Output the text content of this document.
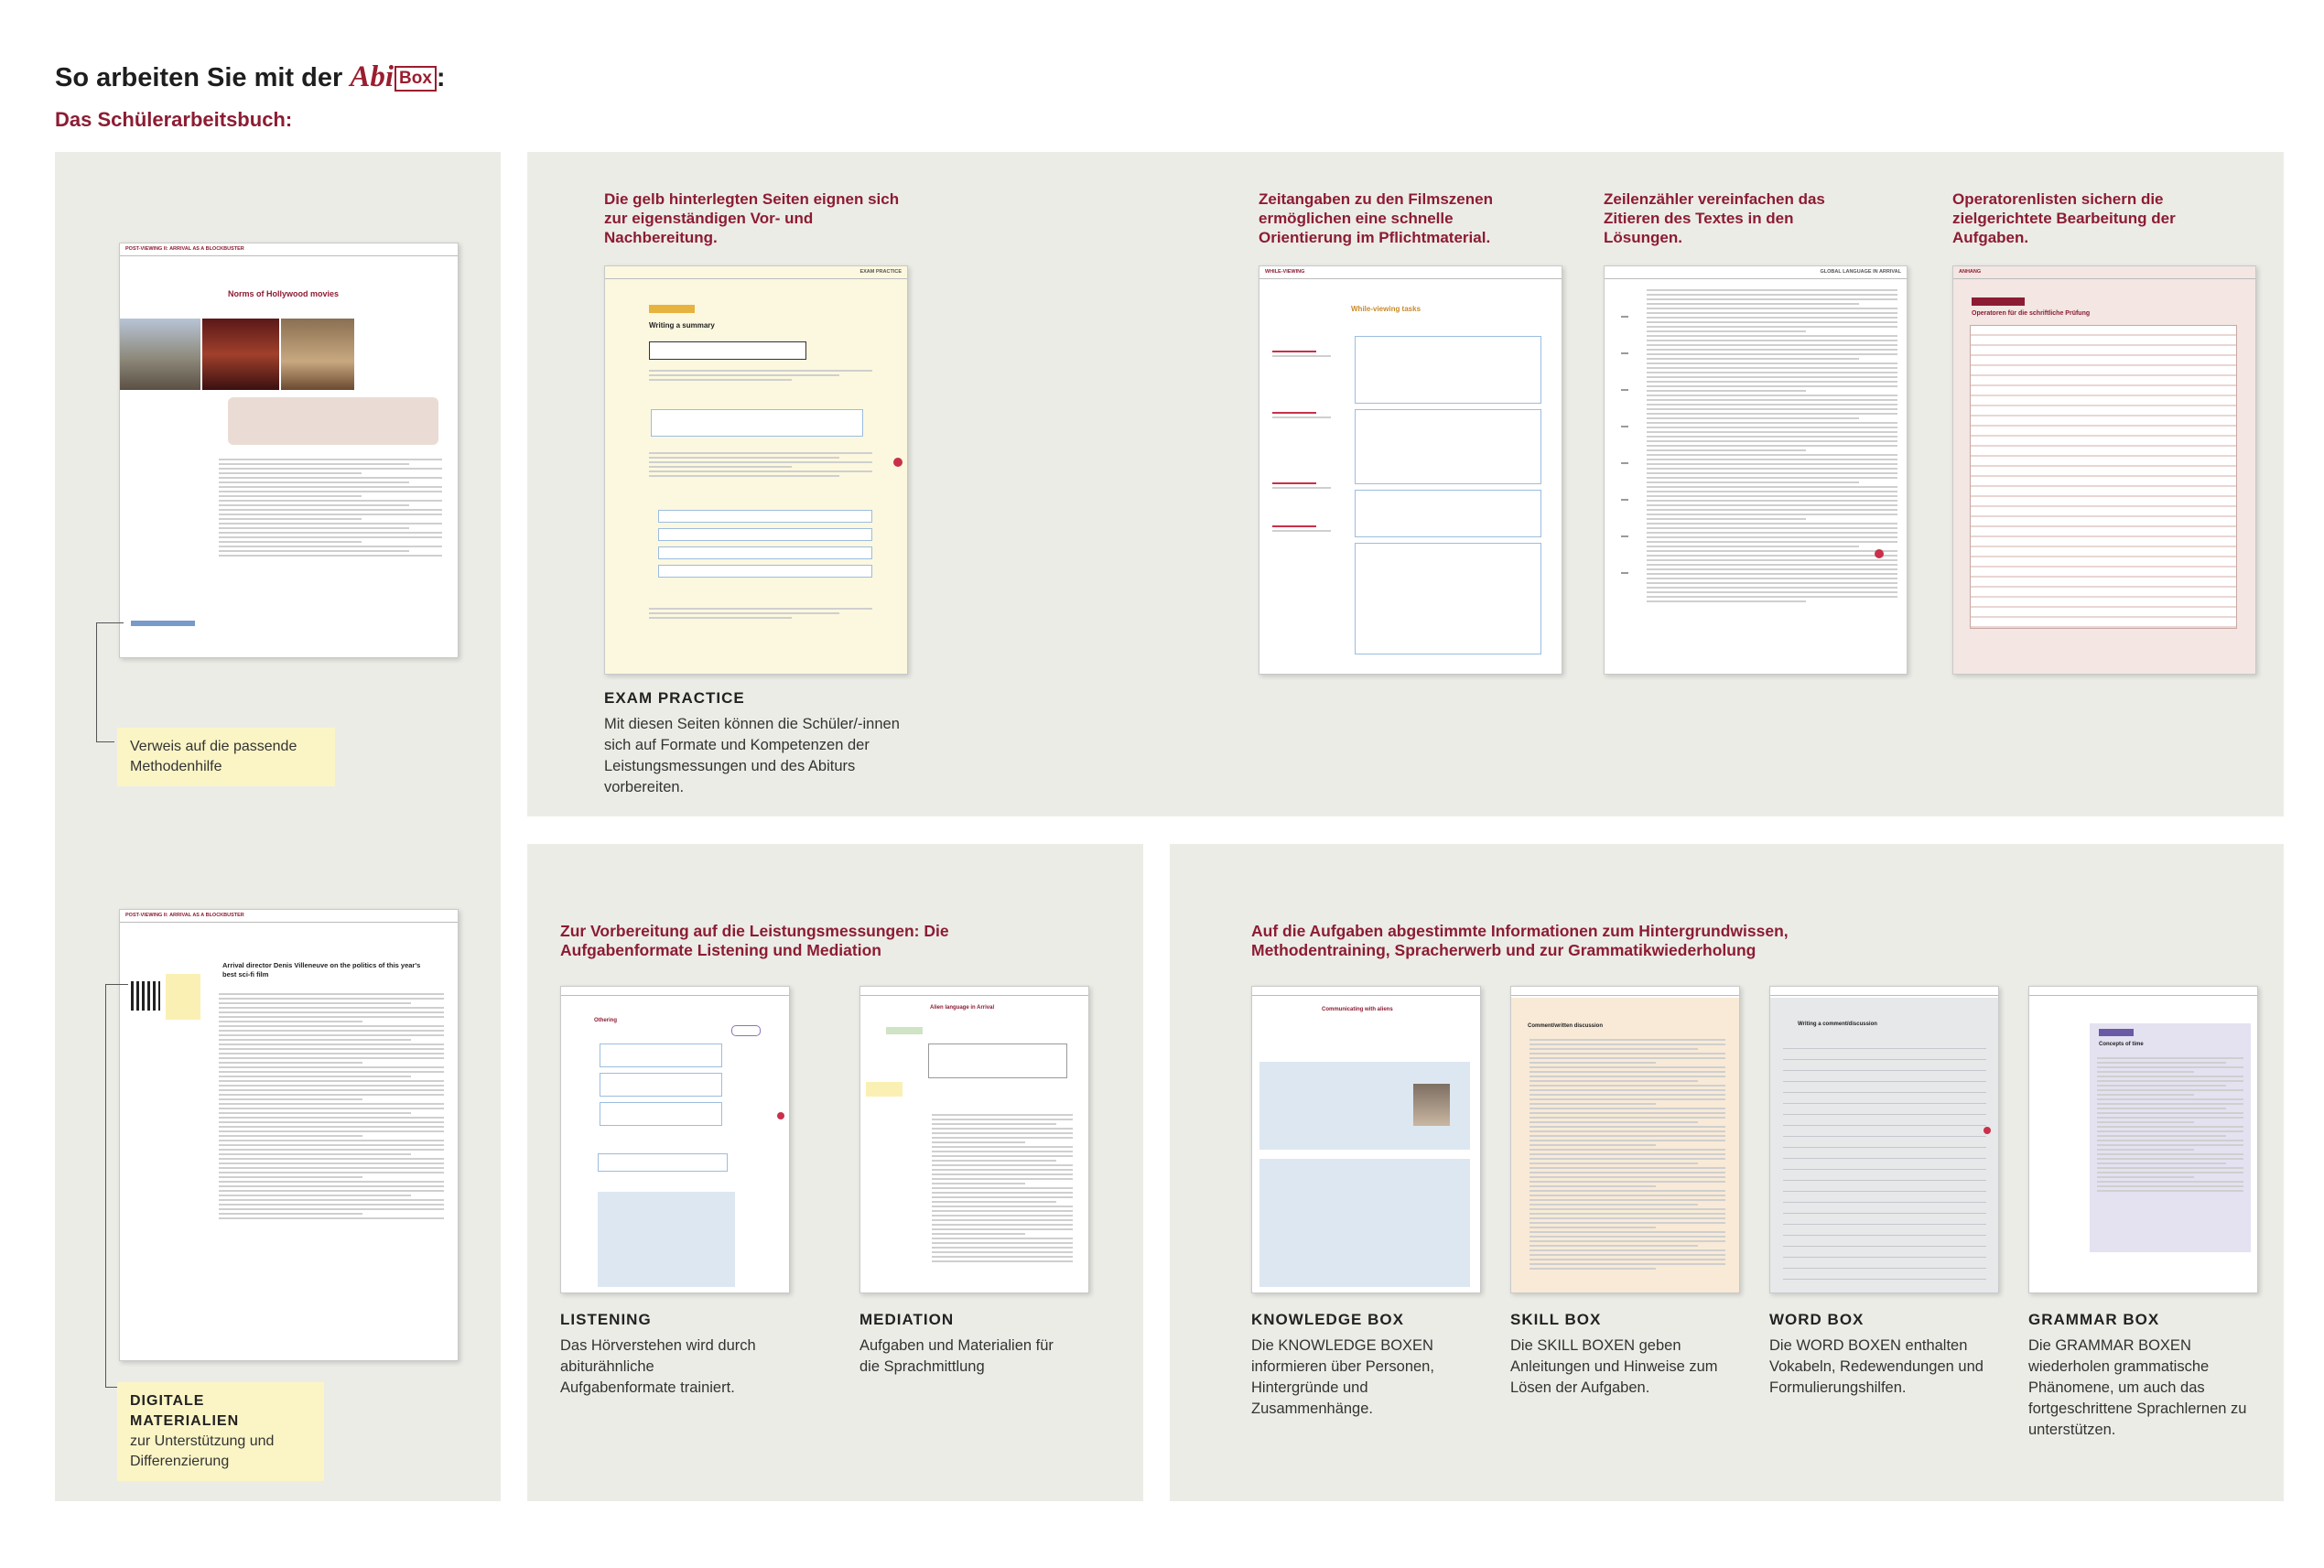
So arbeiten Sie mit der Abi Box :
Das Schülerarbeitsbuch:
POST-VIEWING II: ARRIVAL AS A BLOCKBUSTER
Norms of Hollywood movies
Verweis auf die passende Methodenhilfe
POST-VIEWING II: ARRIVAL AS A BLOCKBUSTER
Arrival director Denis Villeneuve on the politics of this year's best sci-fi film
DIGITALE MATERIALIEN
zur Unterstützung und Differenzierung
Die gelb hinterlegten Seiten eignen sich zur eigenständigen Vor- und Nachbereitung.
EXAM PRACTICE
Writing a summary
EXAM PRACTICE
Mit diesen Seiten können die Schüler/-innen sich auf Formate und Kompetenzen der Leistungsmessungen und des Abiturs vorbereiten.
Zeitangaben zu den Filmszenen ermöglichen eine schnelle Orientierung im Pflichtmaterial.
WHILE-VIEWING
While-viewing tasks
Zeilenzähler vereinfachen das Zitieren des Textes in den Lösungen.
GLOBAL LANGUAGE IN ARRIVAL
Operatorenlisten sichern die zielgerichtete Bearbeitung der Aufgaben.
ANHANG
Operatoren für die schriftliche Prüfung
Zur Vorbereitung auf die Leistungsmessungen: Die Aufgabenformate Listening und Mediation
Othering
LISTENING
Das Hörverstehen wird durch abiturähnliche Aufgabenformate trainiert.
Alien language in Arrival
MEDIATION
Aufgaben und Materialien für die Sprachmittlung
Auf die Aufgaben abgestimmte Informationen zum Hintergrundwissen, Methodentraining, Spracherwerb und zur Grammatikwiederholung
Communicating with aliens
KNOWLEDGE BOX
Die KNOWLEDGE BOXEN informieren über Personen, Hintergründe und Zusammenhänge.
Comment/written discussion
SKILL BOX
Die SKILL BOXEN geben Anleitungen und Hinweise zum Lösen der Aufgaben.
Writing a comment/discussion
WORD BOX
Die WORD BOXEN enthalten Vokabeln, Redewendungen und Formulierungshilfen.
Concepts of time
GRAMMAR BOX
Die GRAMMAR BOXEN wiederholen grammatische Phänomene, um auch das fortgeschrittene Sprachlernen zu unterstützen.
